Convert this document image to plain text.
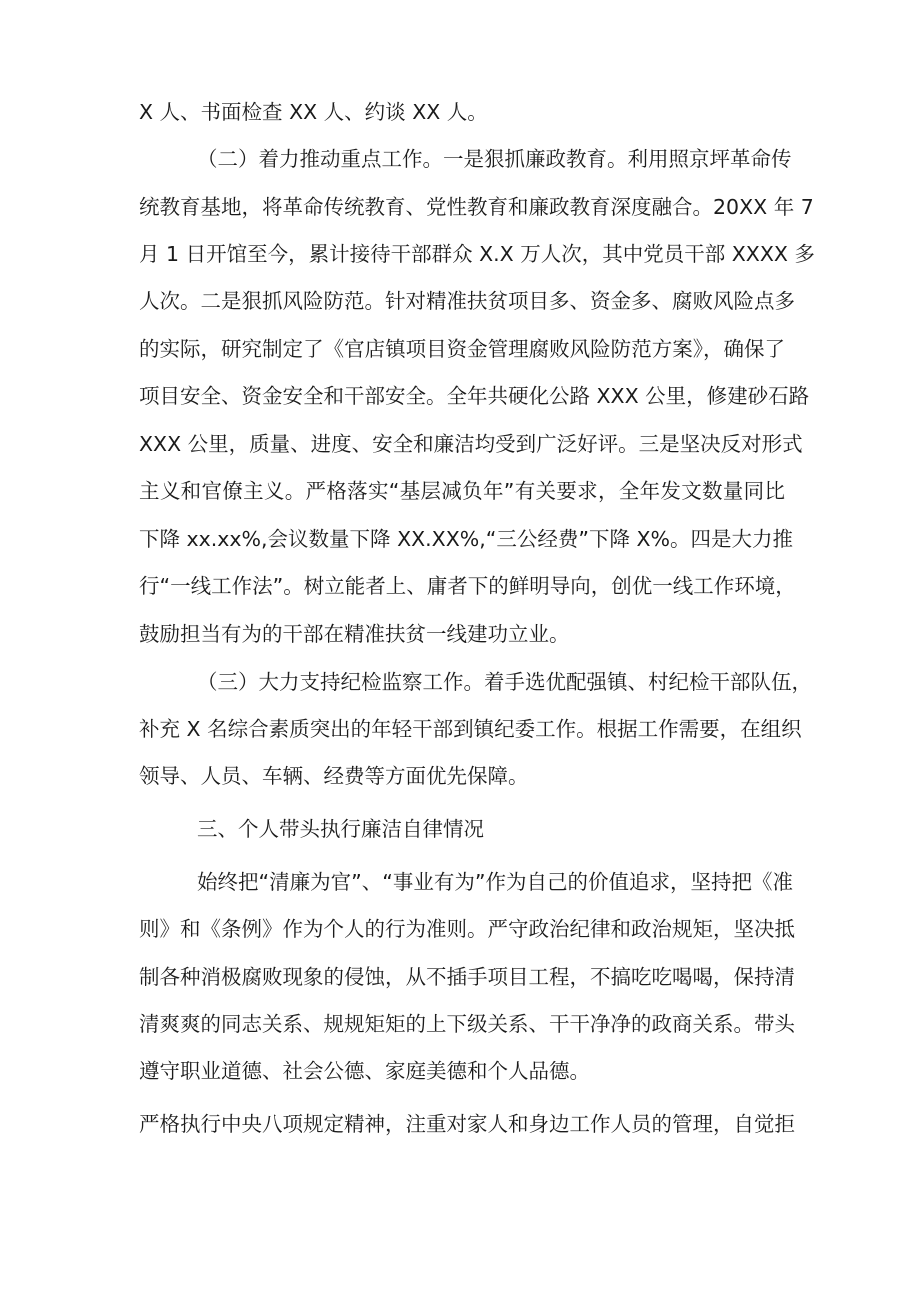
X 人、书面检查 XX 人、约谈 XX 人。
（二）着力推动重点工作。一是狠抓廉政教育。利用照京坪革命传
统教育基地，将革命传统教育、党性教育和廉政教育深度融合。20XX 年 7
月 1 日开馆至今，累计接待干部群众 X.X 万人次，其中党员干部 XXXX 多
人次。二是狠抓风险防范。针对精准扶贫项目多、资金多、腐败风险点多
的实际，研究制定了《官店镇项目资金管理腐败风险防范方案》，确保了
项目安全、资金安全和干部安全。全年共硬化公路 XXX 公里，修建砂石路
XXX 公里，质量、进度、安全和廉洁均受到广泛好评。三是坚决反对形式
主义和官僚主义。严格落实“基层减负年”有关要求，全年发文数量同比
下降 xx.xx%,会议数量下降 XX.XX%,“三公经费”下降 X%。四是大力推
行“一线工作法”。树立能者上、庸者下的鲜明导向，创优一线工作环境，
鼓励担当有为的干部在精准扶贫一线建功立业。
（三）大力支持纪检监察工作。着手选优配强镇、村纪检干部队伍，
补充 X 名综合素质突出的年轻干部到镇纪委工作。根据工作需要，在组织
领导、人员、车辆、经费等方面优先保障。
三、个人带头执行廉洁自律情况
始终把“清廉为官”、“事业有为”作为自己的价值追求，坚持把《准
则》和《条例》作为个人的行为准则。严守政治纪律和政治规矩，坚决抵
制各种消极腐败现象的侵蚀，从不插手项目工程，不搞吃吃喝喝，保持清
清爽爽的同志关系、规规矩矩的上下级关系、干干净净的政商关系。带头
遵守职业道德、社会公德、家庭美德和个人品德。
严格执行中央八项规定精神，注重对家人和身边工作人员的管理，自觉拒
